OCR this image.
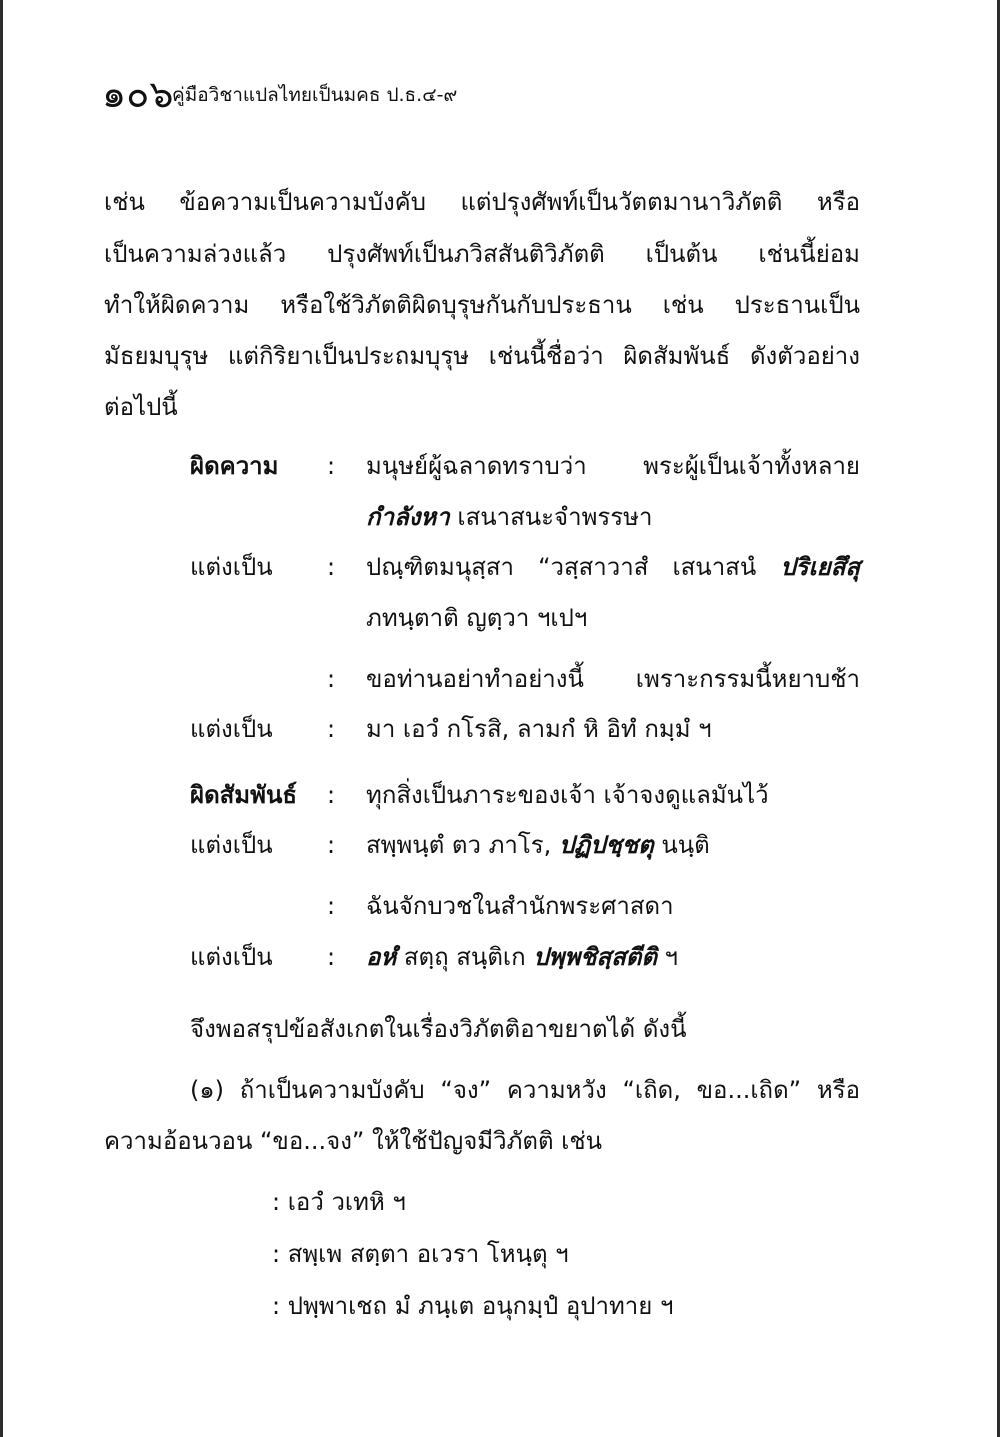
๑๐๖
คู่มือวิชาแปลไทยเป็นมคธ ป.ธ.๔-๙
เช่น ข้อความเป็นความบังคับ แต่ปรุงศัพท์เป็นวัตตมานาวิภัตติ หรือ
เป็นความล่วงแล้ว ปรุงศัพท์เป็นภวิสสันติวิภัตติ เป็นต้น เช่นนี้ย่อม
ทำให้ผิดความ หรือใช้วิภัตติผิดบุรุษกันกับประธาน เช่น ประธานเป็น
มัธยมบุรุษ แต่กิริยาเป็นประถมบุรุษ เช่นนี้ชื่อว่า ผิดสัมพันธ์ ดังตัวอย่าง
ต่อไปนี้
ผิดความ : มนุษย์ผู้ฉลาดทราบว่า พระผู้เป็นเจ้าทั้งหลาย
กำลังหา เสนาสนะจำพรรษา
แต่งเป็น : ปณฺฑิตมนุสฺสา “วสฺสาวาสํ เสนาสนํ ปริเยสึสุ
ภทนฺตาติ ญตฺวา ฯเปฯ
: ขอท่านอย่าทำอย่างนี้ เพราะกรรมนี้หยาบช้า
แต่งเป็น : มา เอวํ กโรสิ, ลามกํ หิ อิทํ กมฺมํ ฯ
ผิดสัมพันธ์ : ทุกสิ่งเป็นภาระของเจ้า เจ้าจงดูแลมันไว้
แต่งเป็น : สพฺพนฺตํ ตว ภาโร, ปฏิปชฺชตุ นนฺติ
: ฉันจักบวชในสำนักพระศาสดา
แต่งเป็น : อหํ สตฺถุ สนฺติเก ปพฺพชิสฺสตีติ ฯ
จึงพอสรุปข้อสังเกตในเรื่องวิภัตติอาขยาตได้ ดังนี้
(๑) ถ้าเป็นความบังคับ “จง” ความหวัง “เถิด, ขอ...เถิด” หรือ
ความอ้อนวอน “ขอ...จง” ให้ใช้ปัญจมีวิภัตติ เช่น
: เอวํ วเทหิ ฯ
: สพฺเพ สตฺตา อเวรา โหนฺตุ ฯ
: ปพฺพาเชถ มํ ภนฺเต อนุกมฺปํ อุปาทาย ฯ
